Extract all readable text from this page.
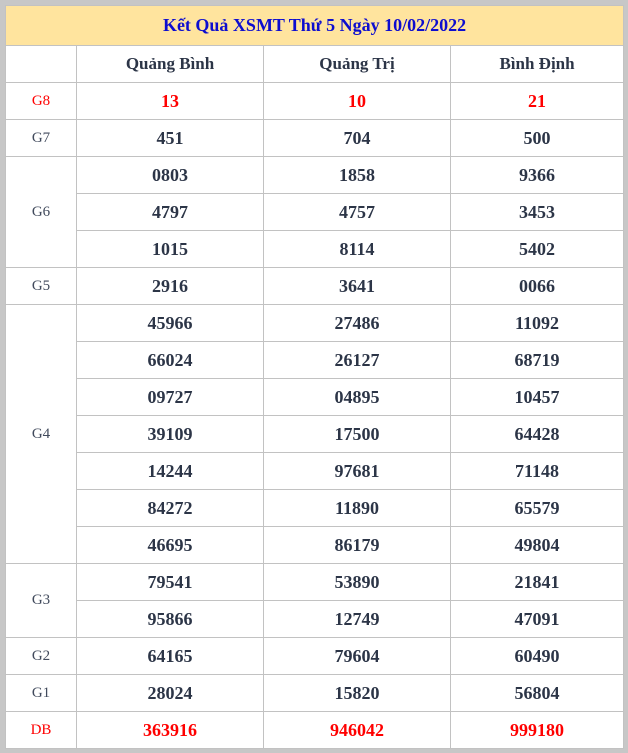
Kết Quả XSMT Thứ 5 Ngày 10/02/2022			
	Quảng Bình	Quảng Trị	Bình Định
G8	13	10	21
G7	451	704	500
G6	0803	1858	9366
	4797	4757	3453
	1015	8114	5402
G5	2916	3641	0066
G4	45966	27486	11092
	66024	26127	68719
	09727	04895	10457
	39109	17500	64428
	14244	97681	71148
	84272	11890	65579
	46695	86179	49804
G3	79541	53890	21841
	95866	12749	47091
G2	64165	79604	60490
G1	28024	15820	56804
DB	363916	946042	999180
